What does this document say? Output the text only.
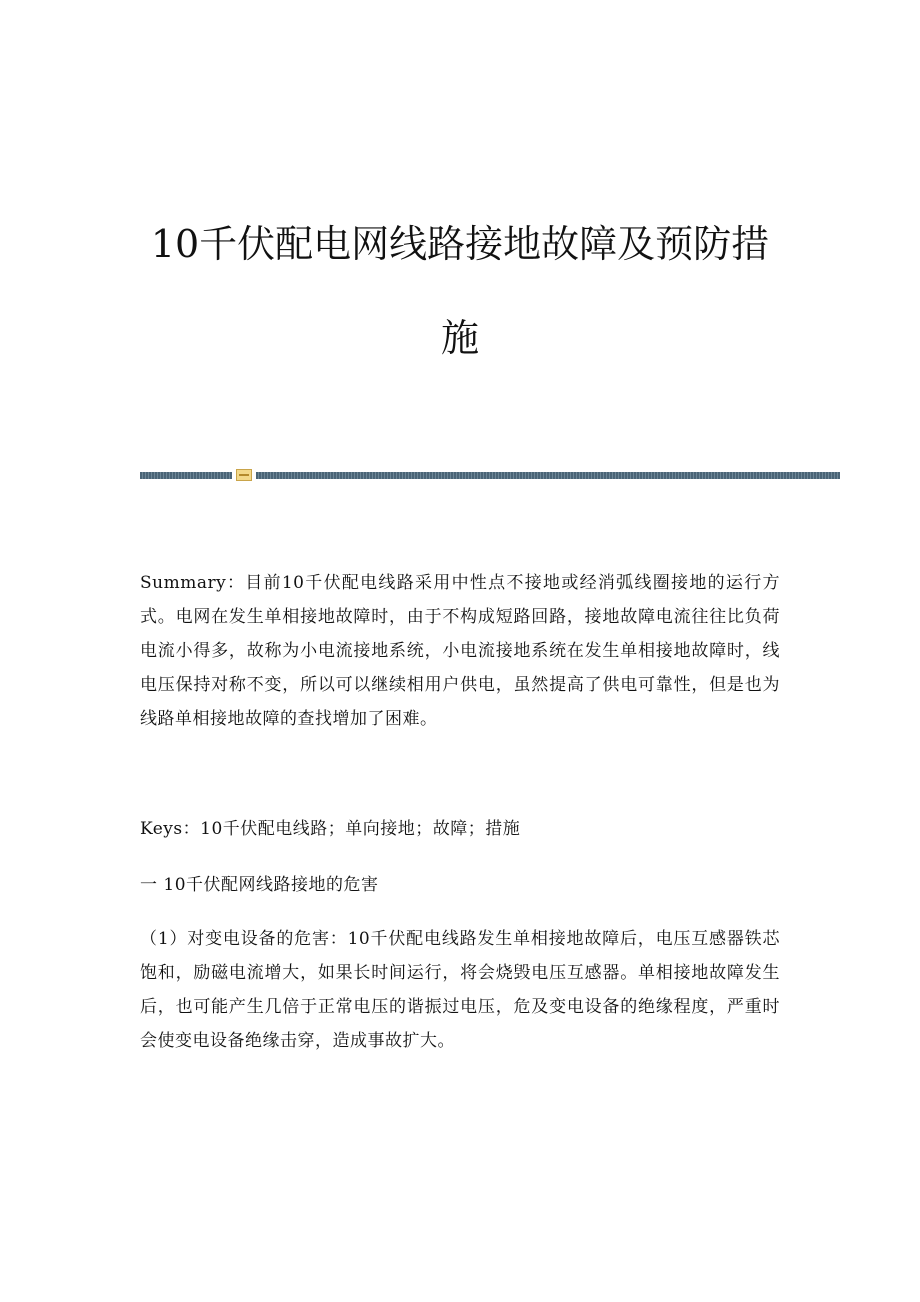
10千伏配电网线路接地故障及预防措
施

Summary：目前10千伏配电线路采用中性点不接地或经消弧线圈接地的运行方式。电网在发生单相接地故障时，由于不构成短路回路，接地故障电流往往比负荷电流小得多，故称为小电流接地系统，小电流接地系统在发生单相接地故障时，线电压保持对称不变，所以可以继续相用户供电，虽然提高了供电可靠性，但是也为线路单相接地故障的查找增加了困难。

Keys：10千伏配电线路；单向接地；故障；措施

一 10千伏配网线路接地的危害

（1）对变电设备的危害：10千伏配电线路发生单相接地故障后，电压互感器铁芯饱和，励磁电流增大，如果长时间运行，将会烧毁电压互感器。单相接地故障发生后，也可能产生几倍于正常电压的谐振过电压，危及变电设备的绝缘程度，严重时会使变电设备绝缘击穿，造成事故扩大。
